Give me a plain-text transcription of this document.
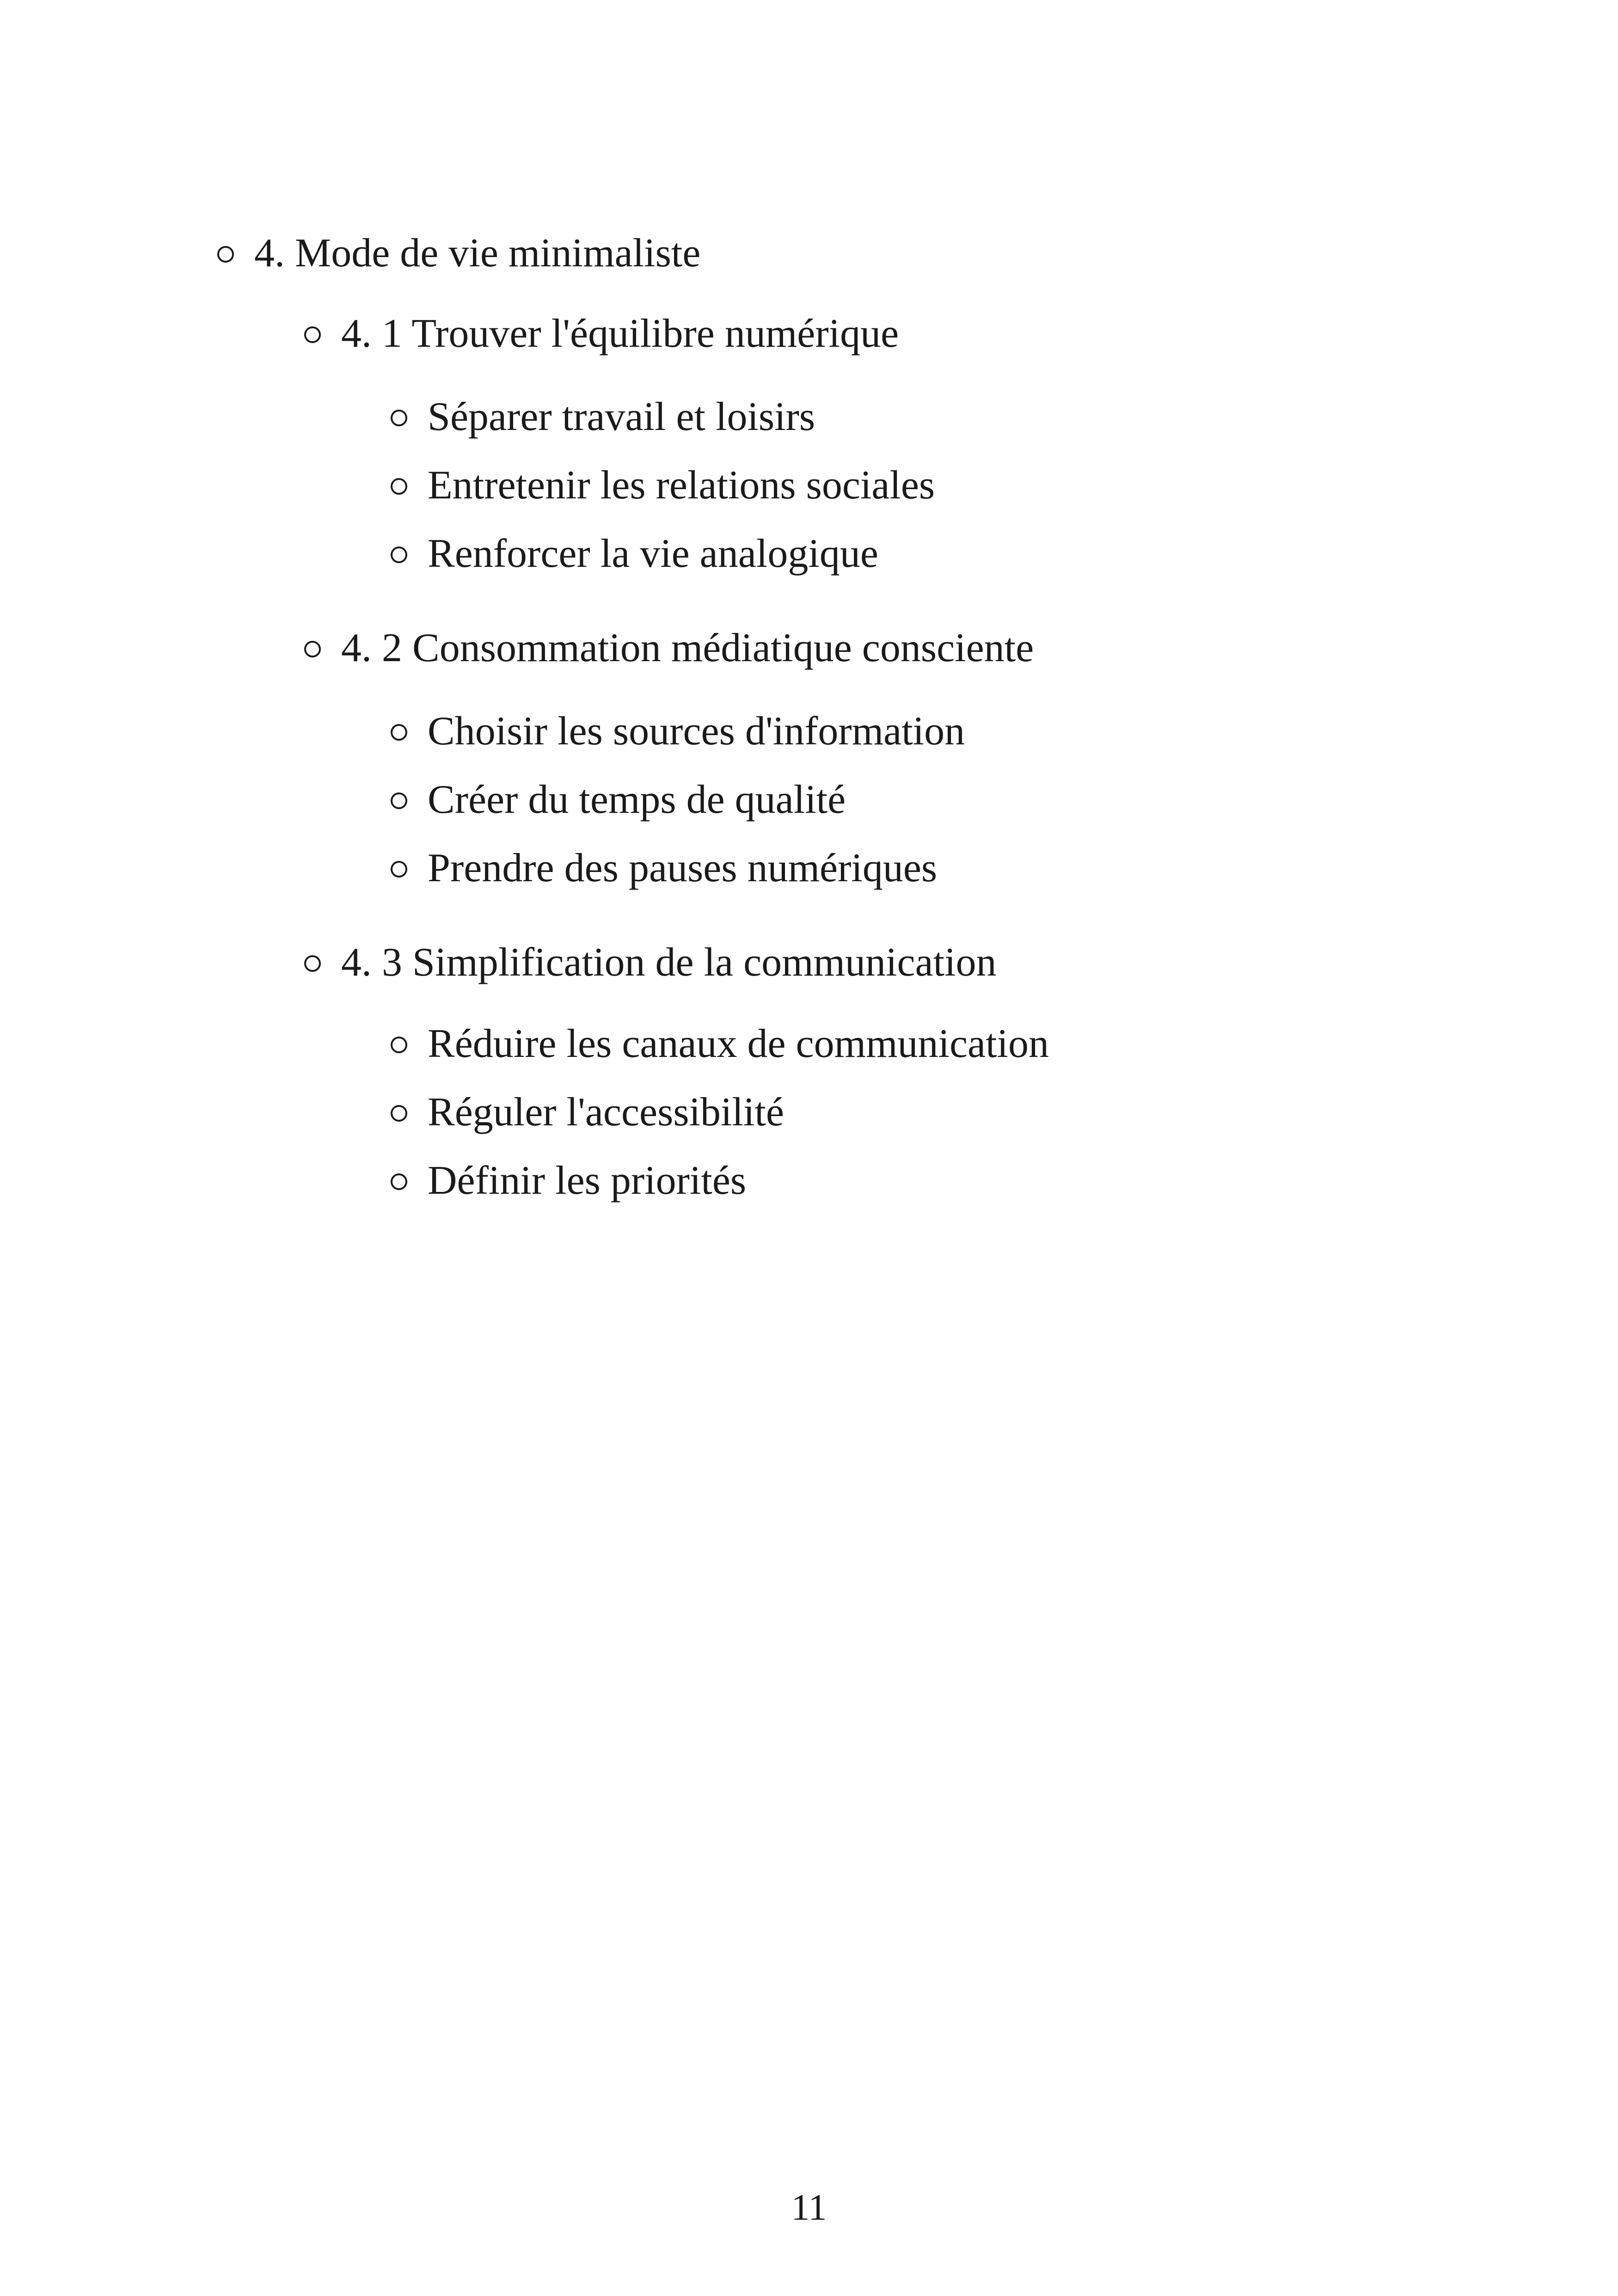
4. Mode de vie minimaliste
4. 1 Trouver l'équilibre numérique
Séparer travail et loisirs
Entretenir les relations sociales
Renforcer la vie analogique
4. 2 Consommation médiatique consciente
Choisir les sources d'information
Créer du temps de qualité
Prendre des pauses numériques
4. 3 Simplification de la communication
Réduire les canaux de communication
Réguler l'accessibilité
Définir les priorités
11
